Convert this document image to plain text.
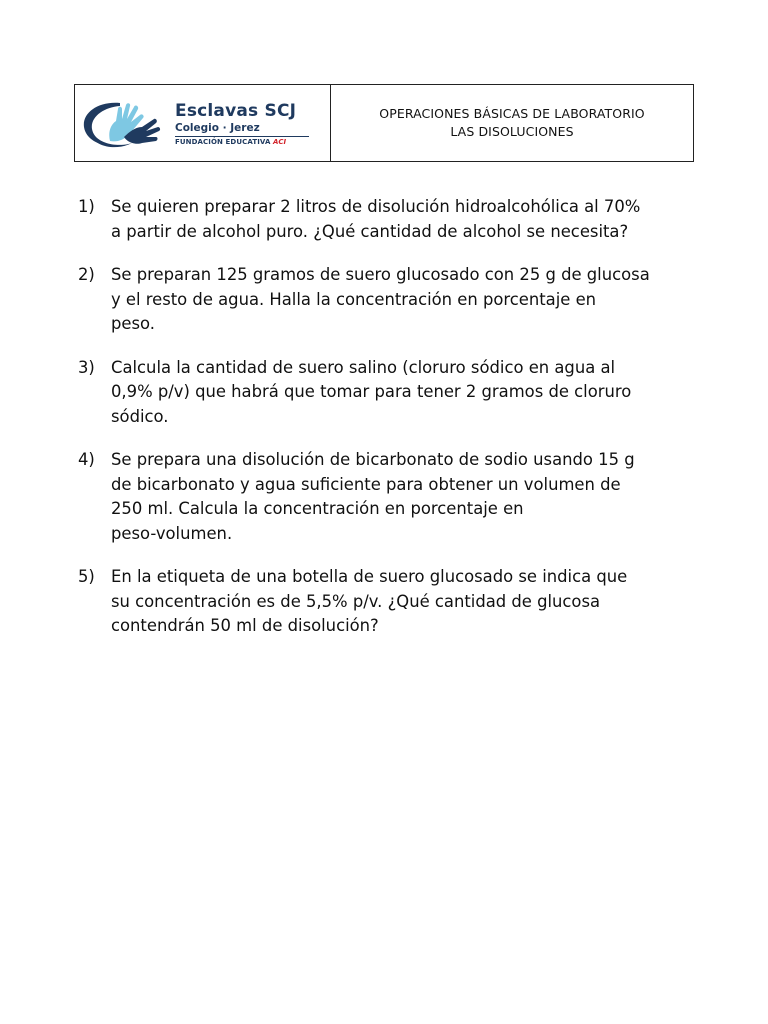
Esclavas SCJ
Colegio · Jerez
FUNDACIÓN EDUCATIVA ACI
OPERACIONES BÁSICAS DE LABORATORIO
LAS DISOLUCIONES
1) Se quieren preparar 2 litros de disolución hidroalcohólica al 70%
a partir de alcohol puro. ¿Qué cantidad de alcohol se necesita?
2) Se preparan 125 gramos de suero glucosado con 25 g de glucosa
y el resto de agua. Halla la concentración en porcentaje en
peso.
3) Calcula la cantidad de suero salino (cloruro sódico en agua al
0,9% p/v) que habrá que tomar para tener 2 gramos de cloruro
sódico.
4) Se prepara una disolución de bicarbonato de sodio usando 15 g
de bicarbonato y agua suficiente para obtener un volumen de
250 ml. Calcula la concentración en porcentaje en
peso-volumen.
5) En la etiqueta de una botella de suero glucosado se indica que
su concentración es de 5,5% p/v. ¿Qué cantidad de glucosa
contendrán 50 ml de disolución?
